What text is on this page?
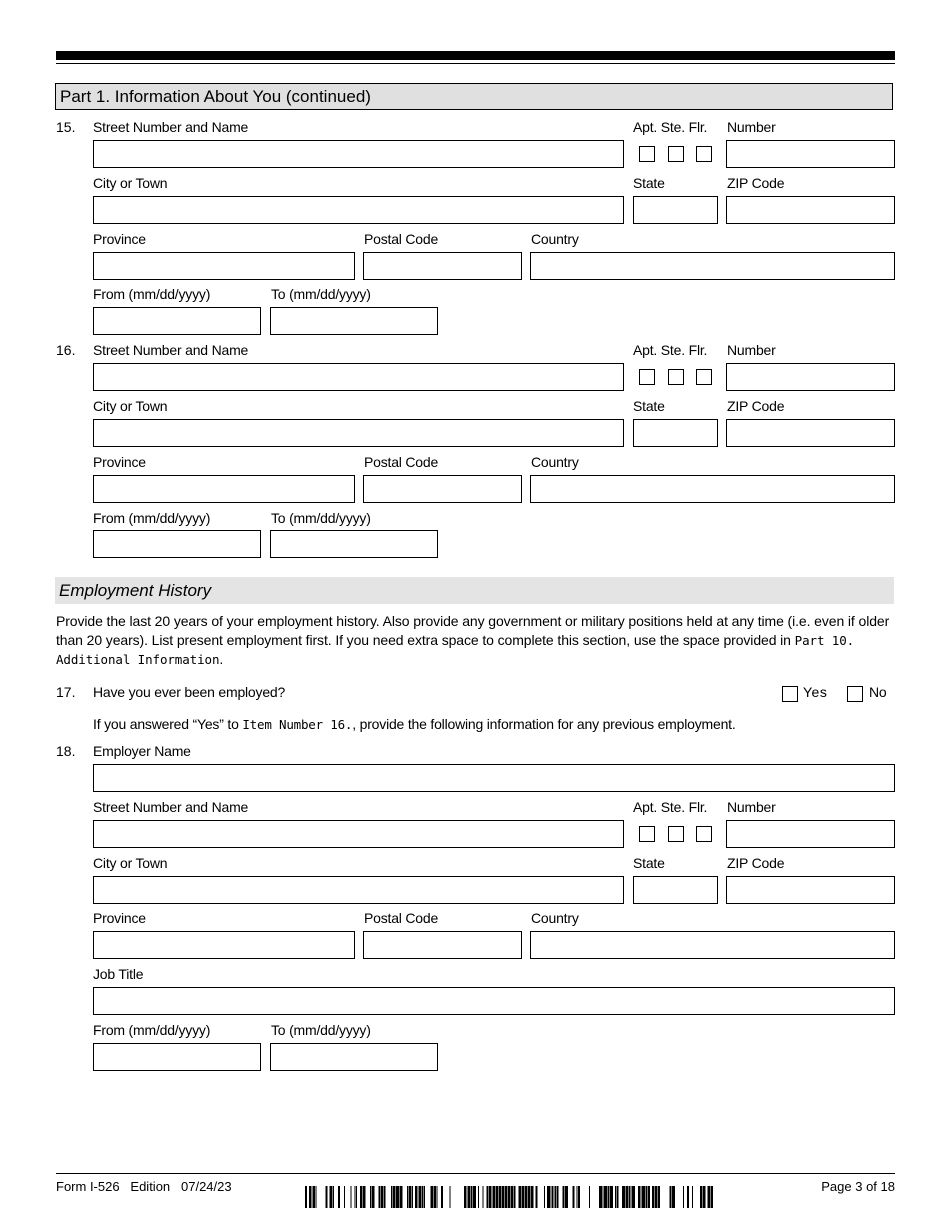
Part 1. Information About You (continued)
15. Street Number and Name	Apt. Ste. Flr. Number
City or Town	State	ZIP Code
Province	Postal Code	Country
From (mm/dd/yyyy)	To (mm/dd/yyyy)
16. Street Number and Name	Apt. Ste. Flr. Number
City or Town	State	ZIP Code
Province	Postal Code	Country
From (mm/dd/yyyy)	To (mm/dd/yyyy)
Employment History
Provide the last 20 years of your employment history. Also provide any government or military positions held at any time (i.e. even if older than 20 years). List present employment first. If you need extra space to complete this section, use the space provided in Part 10. Additional Information.
17. Have you ever been employed?	Yes	No
If you answered “Yes” to Item Number 16., provide the following information for any previous employment.
18. Employer Name
Street Number and Name	Apt. Ste. Flr. Number
City or Town	State	ZIP Code
Province	Postal Code	Country
Job Title
From (mm/dd/yyyy)	To (mm/dd/yyyy)
Form I-526   Edition   07/24/23	Page 3 of 18
